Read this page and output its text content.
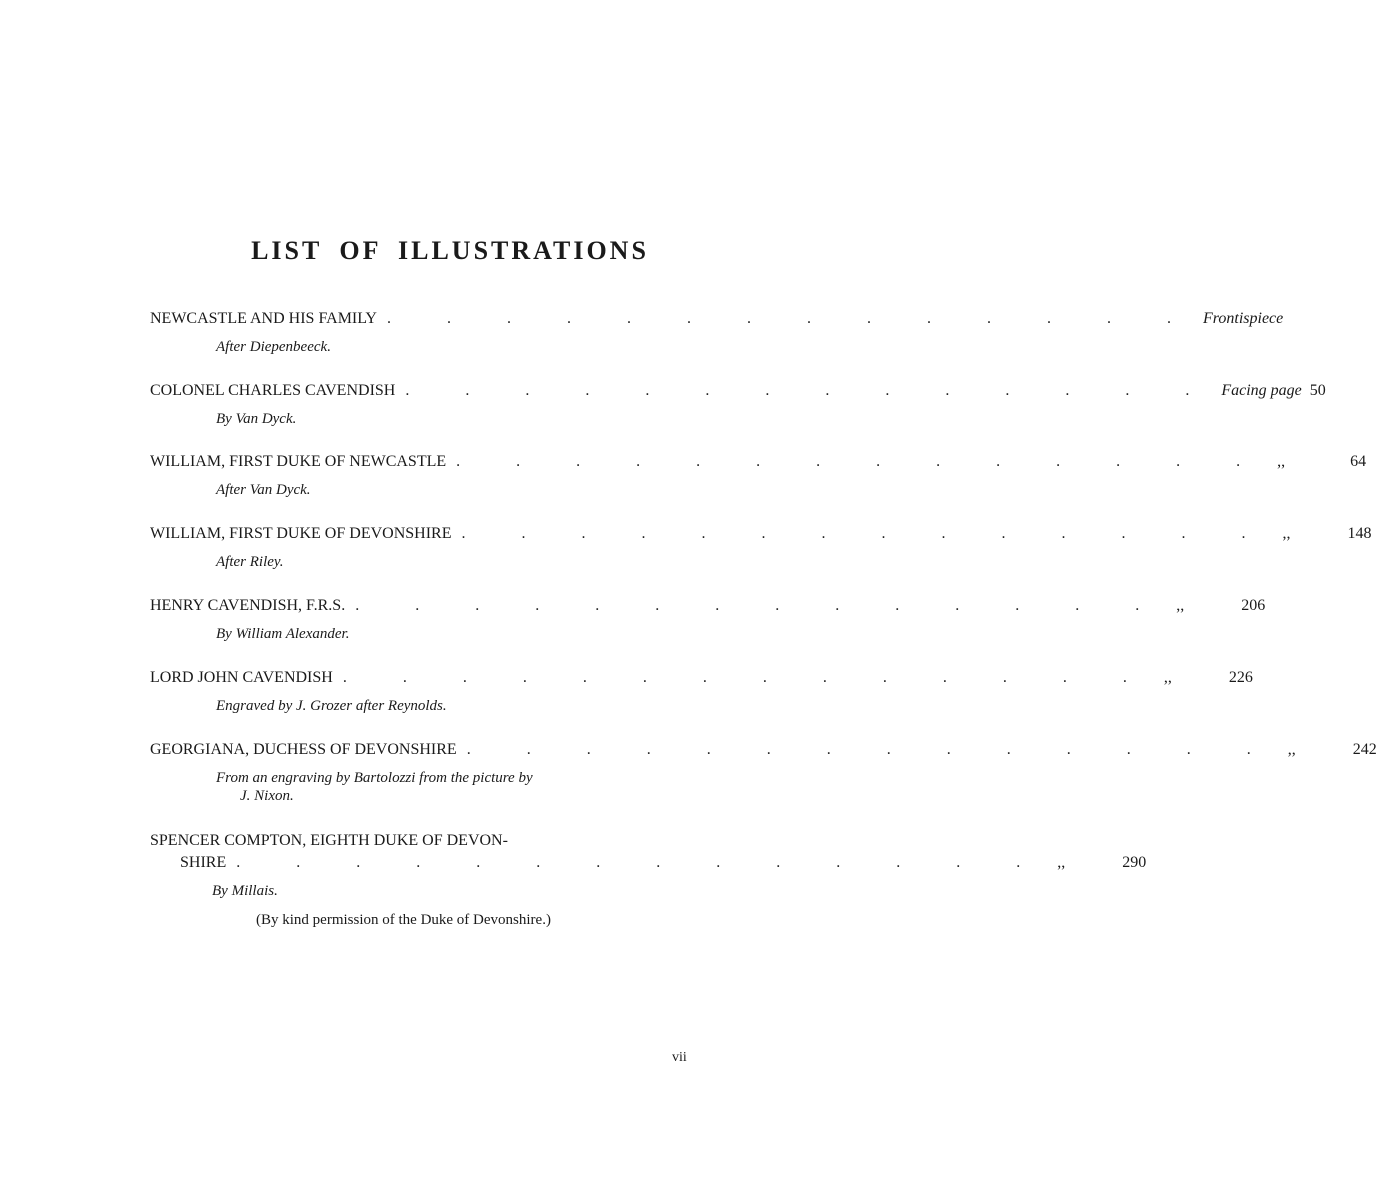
LIST OF ILLUSTRATIONS
NEWCASTLE AND HIS FAMILY . . . . . . . . . . . . . . Frontispiece
After Diepenbeeck.
COLONEL CHARLES CAVENDISH . . . . . . . . . . . . . . Facing page 50
By Van Dyck.
WILLIAM, FIRST DUKE OF NEWCASTLE . . . . . . . . . . . . . . ,,	64
After Van Dyck.
WILLIAM, FIRST DUKE OF DEVONSHIRE . . . . . . . . . . . . . . ,,	148
After Riley.
HENRY CAVENDISH, F.R.S. . . . . . . . . . . . . . . ,,	206
By William Alexander.
LORD JOHN CAVENDISH . . . . . . . . . . . . . . ,,	226
Engraved by J. Grozer after Reynolds.
GEORGIANA, DUCHESS OF DEVONSHIRE . . . . . . . . . . . . . . ,,	242
From an engraving by Bartolozzi from the picture by
J. Nixon.
SPENCER COMPTON, EIGHTH DUKE OF DEVON-
SHIRE . . . . . . . . . . . . . . ,,	290
By Millais.
(By kind permission of the Duke of Devonshire.)
vii
